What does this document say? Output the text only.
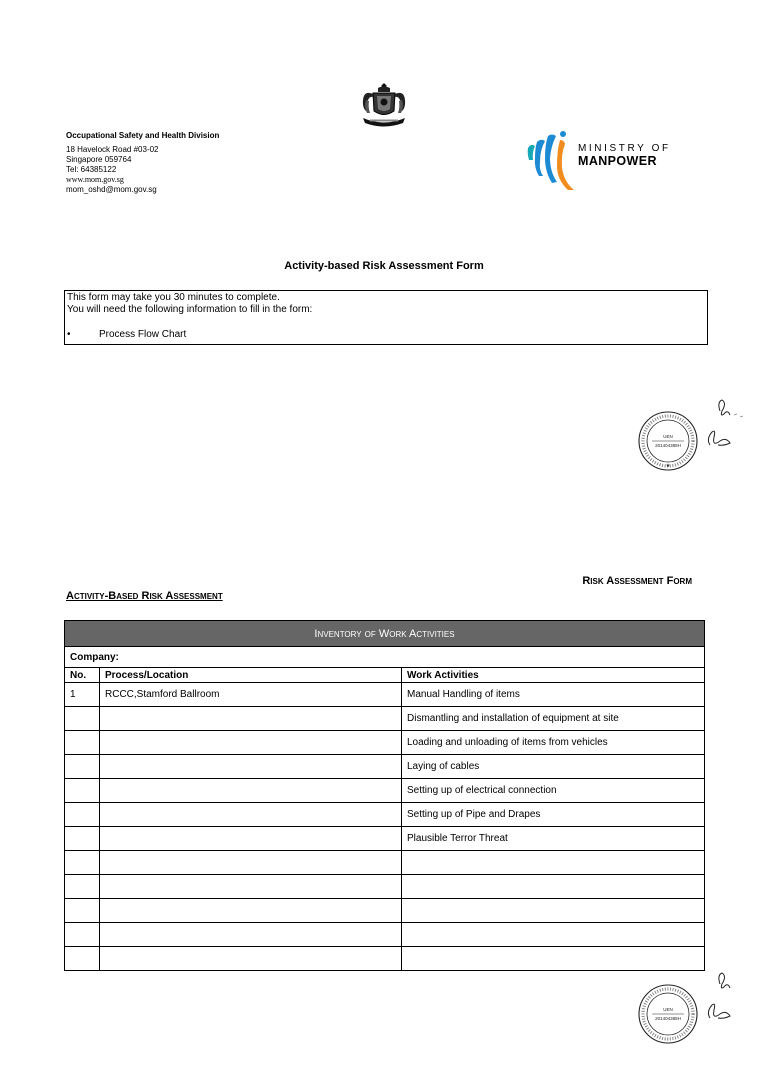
Occupational Safety and Health Division
18 Havelock Road #03-02
Singapore 059764
Tel: 64385122
www.mom.gov.sg
mom_oshd@mom.gov.sg
MINISTRY OF
MANPOWER
Activity-based Risk Assessment Form
This form may take you 30 minutes to complete.
You will need the following information to fill in the form:
•	Process Flow Chart
UEN
201404388H
★
Risk Assessment Form
Activity-Based Risk Assessment
Inventory of Work Activities		
Company:		
No.	Process/Location	Work Activities
1	RCCC,Stamford Ballroom	Manual Handling of items
		Dismantling and installation of equipment at site
		Loading and unloading of items from vehicles
		Laying of cables
		Setting up of electrical connection
		Setting up of Pipe and Drapes
		Plausible Terror Threat

UEN
201404388H
